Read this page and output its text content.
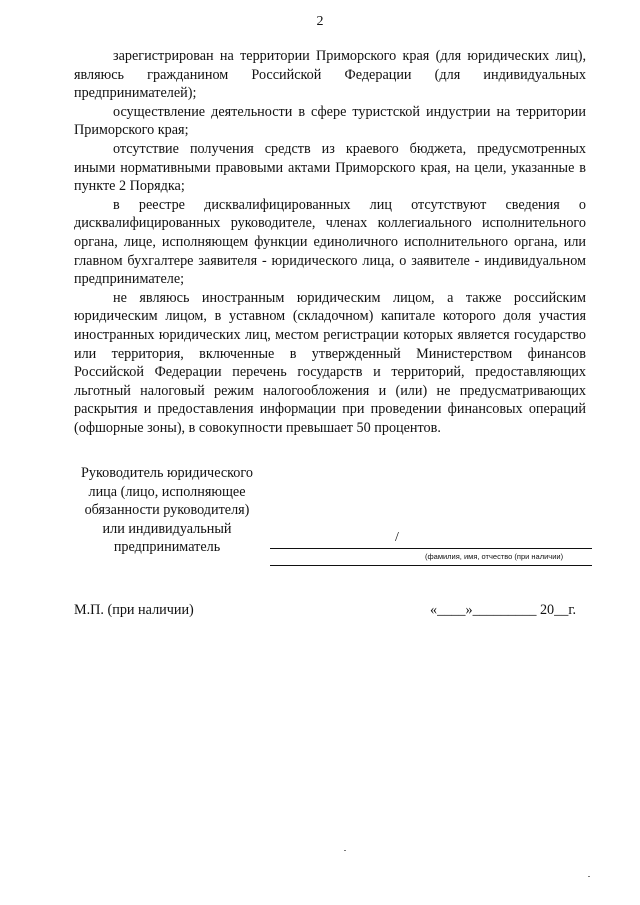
2

зарегистрирован на территории Приморского края (для юридических лиц), являюсь гражданином Российской Федерации (для индивидуальных предпринимателей);

осуществление деятельности в сфере туристской индустрии на территории Приморского края;

отсутствие получения средств из краевого бюджета, предусмотренных иными нормативными правовыми актами Приморского края, на цели, указанные в пункте 2 Порядка;

в реестре дисквалифицированных лиц отсутствуют сведения о дисквалифицированных руководителе, членах коллегиального исполнительного органа, лице, исполняющем функции единоличного исполнительного органа, или главном бухгалтере заявителя - юридического лица, о заявителе - индивидуальном предпринимателе;

не являюсь иностранным юридическим лицом, а также российским юридическим лицом, в уставном (складочном) капитале которого доля участия иностранных юридических лиц, местом регистрации которых является государство или территория, включенные в утвержденный Министерством финансов Российской Федерации перечень государств и территорий, предоставляющих льготный налоговый режим налогообложения и (или) не предусматривающих раскрытия и предоставления информации при проведении финансовых операций (офшорные зоны), в совокупности превышает 50 процентов.

Руководитель юридического
лица (лицо, исполняющее
обязанности руководителя)
или индивидуальный
предприниматель
/
(фамилия, имя, отчество (при наличии)
М.П. (при наличии)	«____»_________ 20__г.
